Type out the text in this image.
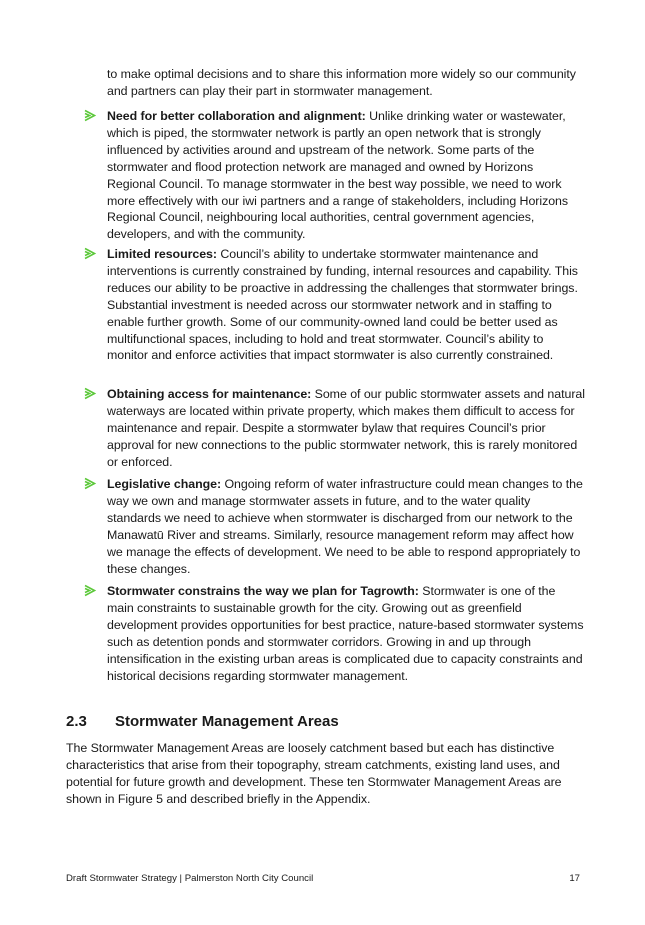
to make optimal decisions and to share this information more widely so our community and partners can play their part in stormwater management.
Need for better collaboration and alignment: Unlike drinking water or wastewater, which is piped, the stormwater network is partly an open network that is strongly influenced by activities around and upstream of the network. Some parts of the stormwater and flood protection network are managed and owned by Horizons Regional Council. To manage stormwater in the best way possible, we need to work more effectively with our iwi partners and a range of stakeholders, including Horizons Regional Council, neighbouring local authorities, central government agencies, developers, and with the community.
Limited resources: Council’s ability to undertake stormwater maintenance and interventions is currently constrained by funding, internal resources and capability. This reduces our ability to be proactive in addressing the challenges that stormwater brings. Substantial investment is needed across our stormwater network and in staffing to enable further growth. Some of our community-owned land could be better used as multifunctional spaces, including to hold and treat stormwater. Council’s ability to monitor and enforce activities that impact stormwater is also currently constrained.
Obtaining access for maintenance: Some of our public stormwater assets and natural waterways are located within private property, which makes them difficult to access for maintenance and repair. Despite a stormwater bylaw that requires Council’s prior approval for new connections to the public stormwater network, this is rarely monitored or enforced.
Legislative change: Ongoing reform of water infrastructure could mean changes to the way we own and manage stormwater assets in future, and to the water quality standards we need to achieve when stormwater is discharged from our network to the Manawatū River and streams. Similarly, resource management reform may affect how we manage the effects of development. We need to be able to respond appropriately to these changes.
Stormwater constrains the way we plan for Tagrowth: Stormwater is one of the main constraints to sustainable growth for the city. Growing out as greenfield development provides opportunities for best practice, nature-based stormwater systems such as detention ponds and stormwater corridors. Growing in and up through intensification in the existing urban areas is complicated due to capacity constraints and historical decisions regarding stormwater management.
2.3 Stormwater Management Areas
The Stormwater Management Areas are loosely catchment based but each has distinctive characteristics that arise from their topography, stream catchments, existing land uses, and potential for future growth and development. These ten Stormwater Management Areas are shown in Figure 5 and described briefly in the Appendix.
Draft Stormwater Strategy | Palmerston North City Council	17
